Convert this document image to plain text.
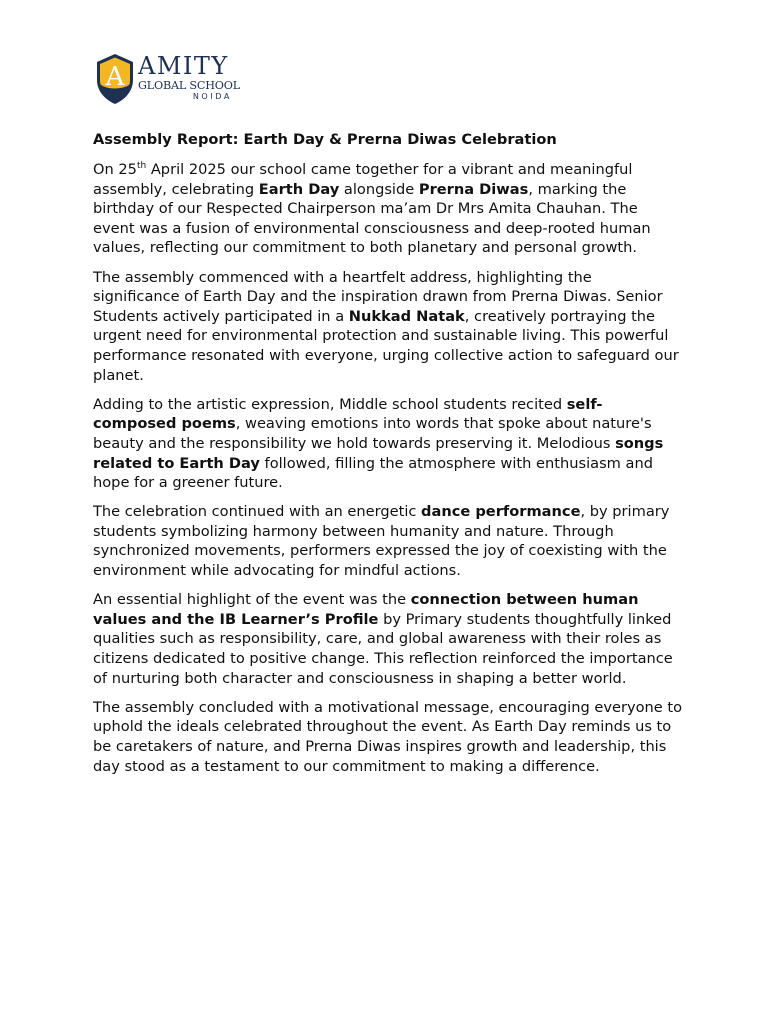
A AMITY
GLOBAL SCHOOL
NOIDA
Assembly Report: Earth Day & Prerna Diwas Celebration

On 25th April 2025 our school came together for a vibrant and meaningful assembly, celebrating Earth Day alongside Prerna Diwas, marking the birthday of our Respected Chairperson ma’am Dr Mrs Amita Chauhan. The event was a fusion of environmental consciousness and deep-rooted human values, reflecting our commitment to both planetary and personal growth.

The assembly commenced with a heartfelt address, highlighting the significance of Earth Day and the inspiration drawn from Prerna Diwas. Senior Students actively participated in a Nukkad Natak, creatively portraying the urgent need for environmental protection and sustainable living. This powerful performance resonated with everyone, urging collective action to safeguard our planet.

Adding to the artistic expression, Middle school students recited self-composed poems, weaving emotions into words that spoke about nature's beauty and the responsibility we hold towards preserving it. Melodious songs related to Earth Day followed, filling the atmosphere with enthusiasm and hope for a greener future.

The celebration continued with an energetic dance performance, by primary students symbolizing harmony between humanity and nature. Through synchronized movements, performers expressed the joy of coexisting with the environment while advocating for mindful actions.

An essential highlight of the event was the connection between human values and the IB Learner’s Profile by Primary students thoughtfully linked qualities such as responsibility, care, and global awareness with their roles as citizens dedicated to positive change. This reflection reinforced the importance of nurturing both character and consciousness in shaping a better world.

The assembly concluded with a motivational message, encouraging everyone to uphold the ideals celebrated throughout the event. As Earth Day reminds us to be caretakers of nature, and Prerna Diwas inspires growth and leadership, this day stood as a testament to our commitment to making a difference.
